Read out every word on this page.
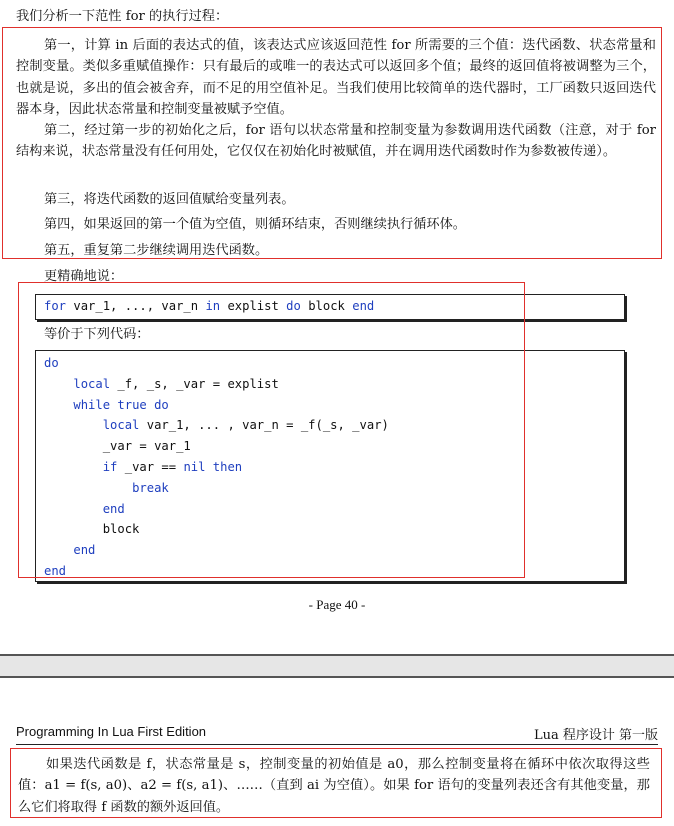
我们分析一下范性 for 的执行过程：
第一，计算 in 后面的表达式的值，该表达式应该返回范性 for 所需要的三个值：迭代函数、状态常量和控制变量。类似多重赋值操作：只有最后的或唯一的表达式可以返回多个值；最终的返回值将被调整为三个，也就是说，多出的值会被舍弃，而不足的用空值补足。当我们使用比较简单的迭代器时，工厂函数只返回迭代器本身，因此状态常量和控制变量被赋予空值。
第二，经过第一步的初始化之后，for 语句以状态常量和控制变量为参数调用迭代函数（注意，对于 for 结构来说，状态常量没有任何用处，它仅仅在初始化时被赋值，并在调用迭代函数时作为参数被传递）。
第三，将迭代函数的返回值赋给变量列表。
第四，如果返回的第一个值为空值，则循环结束，否则继续执行循环体。
第五，重复第二步继续调用迭代函数。
更精确地说：
for var_1, ..., var_n in explist do block end
等价于下列代码：
do
local _f, _s, _var = explist
while true do
local var_1, ... , var_n = _f(_s, _var)
_var = var_1
if _var == nil then
break
end
block
end
end
- Page 40 -
Programming In Lua First Edition	Lua 程序设计 第一版
如果迭代函数是 f，状态常量是 s，控制变量的初始值是 a0，那么控制变量将在循环中依次取得这些值：a1 = f(s, a0)、a2 = f(s, a1)、……（直到 ai 为空值）。如果 for 语句的变量列表还含有其他变量，那么它们将取得 f 函数的额外返回值。
